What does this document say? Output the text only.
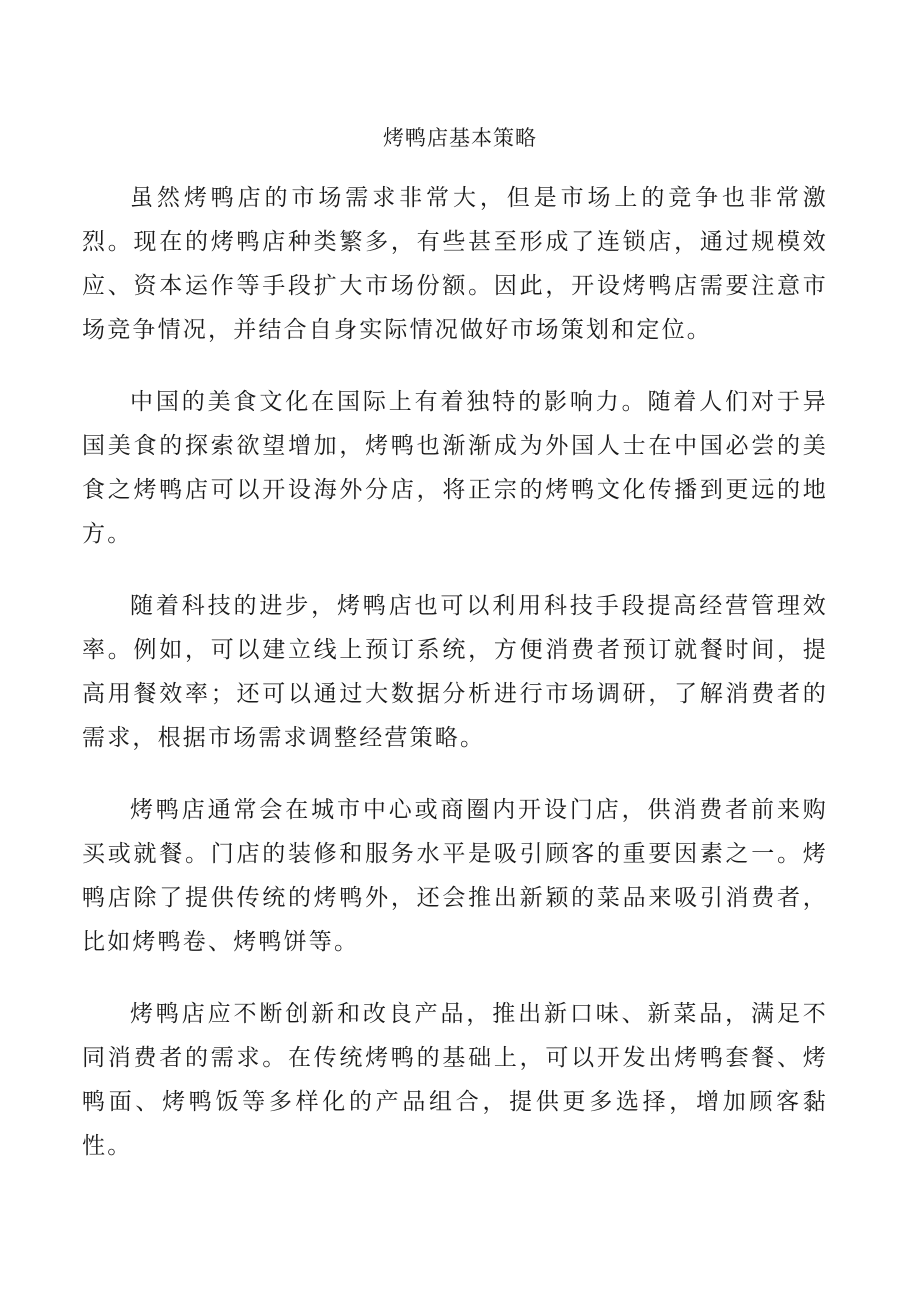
烤鸭店基本策略

虽然烤鸭店的市场需求非常大，但是市场上的竞争也非常激烈。现在的烤鸭店种类繁多，有些甚至形成了连锁店，通过规模效应、资本运作等手段扩大市场份额。因此，开设烤鸭店需要注意市场竞争情况，并结合自身实际情况做好市场策划和定位。

中国的美食文化在国际上有着独特的影响力。随着人们对于异国美食的探索欲望增加，烤鸭也渐渐成为外国人士在中国必尝的美食之烤鸭店可以开设海外分店，将正宗的烤鸭文化传播到更远的地方。

随着科技的进步，烤鸭店也可以利用科技手段提高经营管理效率。例如，可以建立线上预订系统，方便消费者预订就餐时间，提高用餐效率；还可以通过大数据分析进行市场调研，了解消费者的需求，根据市场需求调整经营策略。

烤鸭店通常会在城市中心或商圈内开设门店，供消费者前来购买或就餐。门店的装修和服务水平是吸引顾客的重要因素之一。烤鸭店除了提供传统的烤鸭外，还会推出新颖的菜品来吸引消费者，比如烤鸭卷、烤鸭饼等。

烤鸭店应不断创新和改良产品，推出新口味、新菜品，满足不同消费者的需求。在传统烤鸭的基础上，可以开发出烤鸭套餐、烤鸭面、烤鸭饭等多样化的产品组合，提供更多选择，增加顾客黏性。
